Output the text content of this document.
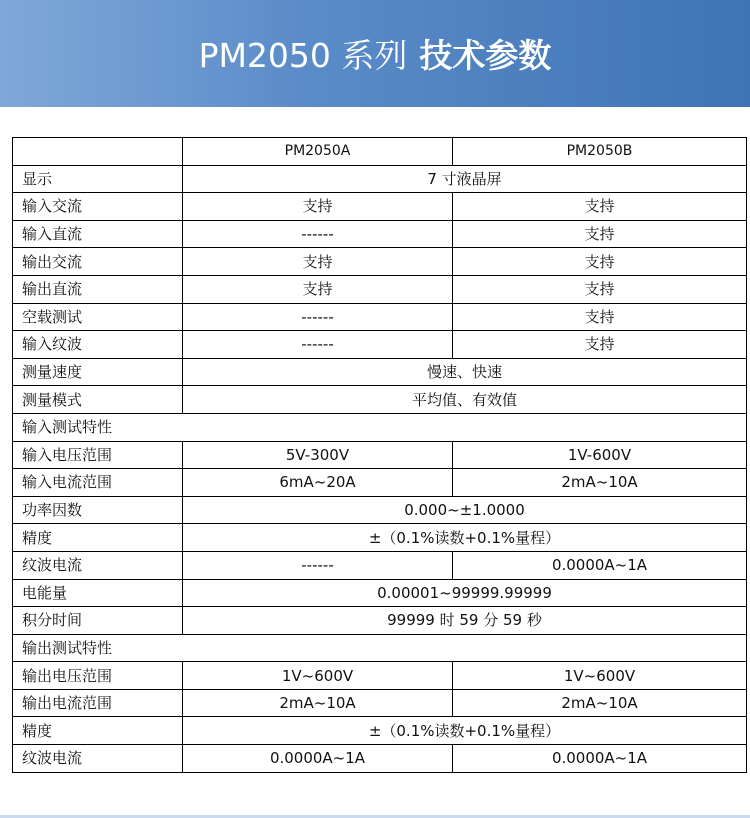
PM2050 系列 技术参数
	PM2050A	PM2050B
显示	7 寸液晶屏	
输入交流	支持	支持
输入直流	------	支持
输出交流	支持	支持
输出直流	支持	支持
空载测试	------	支持
输入纹波	------	支持
测量速度	慢速、快速	
测量模式	平均值、有效值	
输入测试特性		
输入电压范围	5V-300V	1V-600V
输入电流范围	6mA~20A	2mA~10A
功率因数	0.000~±1.0000	
精度	±（0.1%读数+0.1%量程）	
纹波电流	------	0.0000A~1A
电能量	0.00001~99999.99999	
积分时间	99999 时 59 分 59 秒	
输出测试特性		
输出电压范围	1V~600V	1V~600V
输出电流范围	2mA~10A	2mA~10A
精度	±（0.1%读数+0.1%量程）	
纹波电流	0.0000A~1A	0.0000A~1A
